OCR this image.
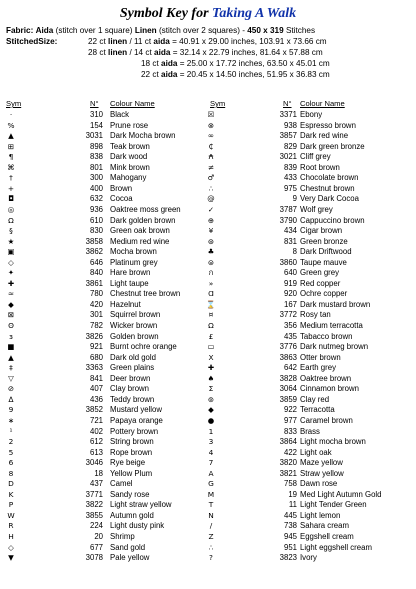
Symbol Key for Taking A Walk
Fabric: Aida (stitch over 1 square) Linen (stitch over 2 squares) - 450 x 319 Stitches
StitchedSize:	22 ct linen / 11 ct aida = 40.91 x 29.00 inches, 103.91 x 73.66 cm
28 ct linen / 14 ct aida = 32.14 x 22.79 inches, 81.64 x 57.88 cm
18 ct aida = 25.00 x 17.72 inches, 63.50 x 45.01 cm
22 ct aida = 20.45 x 14.50 inches, 51.95 x 36.83 cm
Sym	N° Colour Name
·	310 Black
%	154 Prune rose
▲	3031 Dark Mocha brown
⊞	898 Teak brown
¶	838 Dark wood
⌘	801 Mink brown
†	300 Mahogany
+	400 Brown
◘	632 Cocoa
◎	936 Oaktree moss green
Ω	610 Dark golden brown
§	830 Green oak brown
★	3858 Medium red wine
▣	3862 Mocha brown
◇	646 Platinum grey
✦	840 Hare brown
✚	3861 Light taupe
≈	780 Chestnut tree brown
◆	420 Hazelnut
⊠	301 Squirrel brown
ʘ	782 Wicker brown
ɜ	3826 Golden brown
■	921 Burnt ochre orange
▲	680 Dark old gold
‡	3363 Green plains
▽	841 Deer brown
⊘	407 Clay brown
∆	436 Teddy brown
9	3852 Mustard yellow
∗	721 Papaya orange
¹	402 Pottery brown
2	612 String brown
5	613 Rope brown
6	3046 Rye beige
8	18 Yellow Plum
D	437 Camel
K	3771 Sandy rose
P	3822 Light straw yellow
W	3855 Autumn gold
R	224 Light dusty pink
H	20 Shrimp
◇	677 Sand gold
▼	3078 Pale yellow
Sym	N° Colour Name
☒	3371 Ebony
⊗	938 Espresso brown
∞	3857 Dark red wine
₵	829 Dark green bronze
₳	3021 Cliff grey
≠	839 Root brown
♂	433 Chocolate brown
∴	975 Chestnut brown
@	9 Very Dark Cocoa
✓	3787 Wolf grey
⊕	3790 Cappuccino brown
¥	434 Cigar brown
⊛	831 Green bronze
♣	8 Dark Driftwood
⊜	3860 Taupe mauve
ก	640 Green grey
»	919 Red copper
Ɑ	920 Ochre copper
⌛	167 Dark mustard brown
¤	3772 Rosy tan
Ω	356 Medium terracotta
£	435 Tabacco brown
▭	3776 Dark nutmeg brown
X	3863 Otter brown
✚	642 Earth grey
♠	3828 Oaktree brown
Σ	3064 Cinnamon brown
⊚	3859 Clay red
◆	922 Terracotta
●	977 Caramel brown
1	833 Brass
3	3864 Light mocha brown
4	422 Light oak
7	3820 Maze yellow
A	3821 Straw yellow
G	758 Dawn rose
M	19 Med Light Autumn Gold
T	11 Light Tender Green
N	445 Light lemon
/	738 Sahara cream
Z	945 Eggshell cream
∴	951 Light eggshell cream
?	3823 Ivory
